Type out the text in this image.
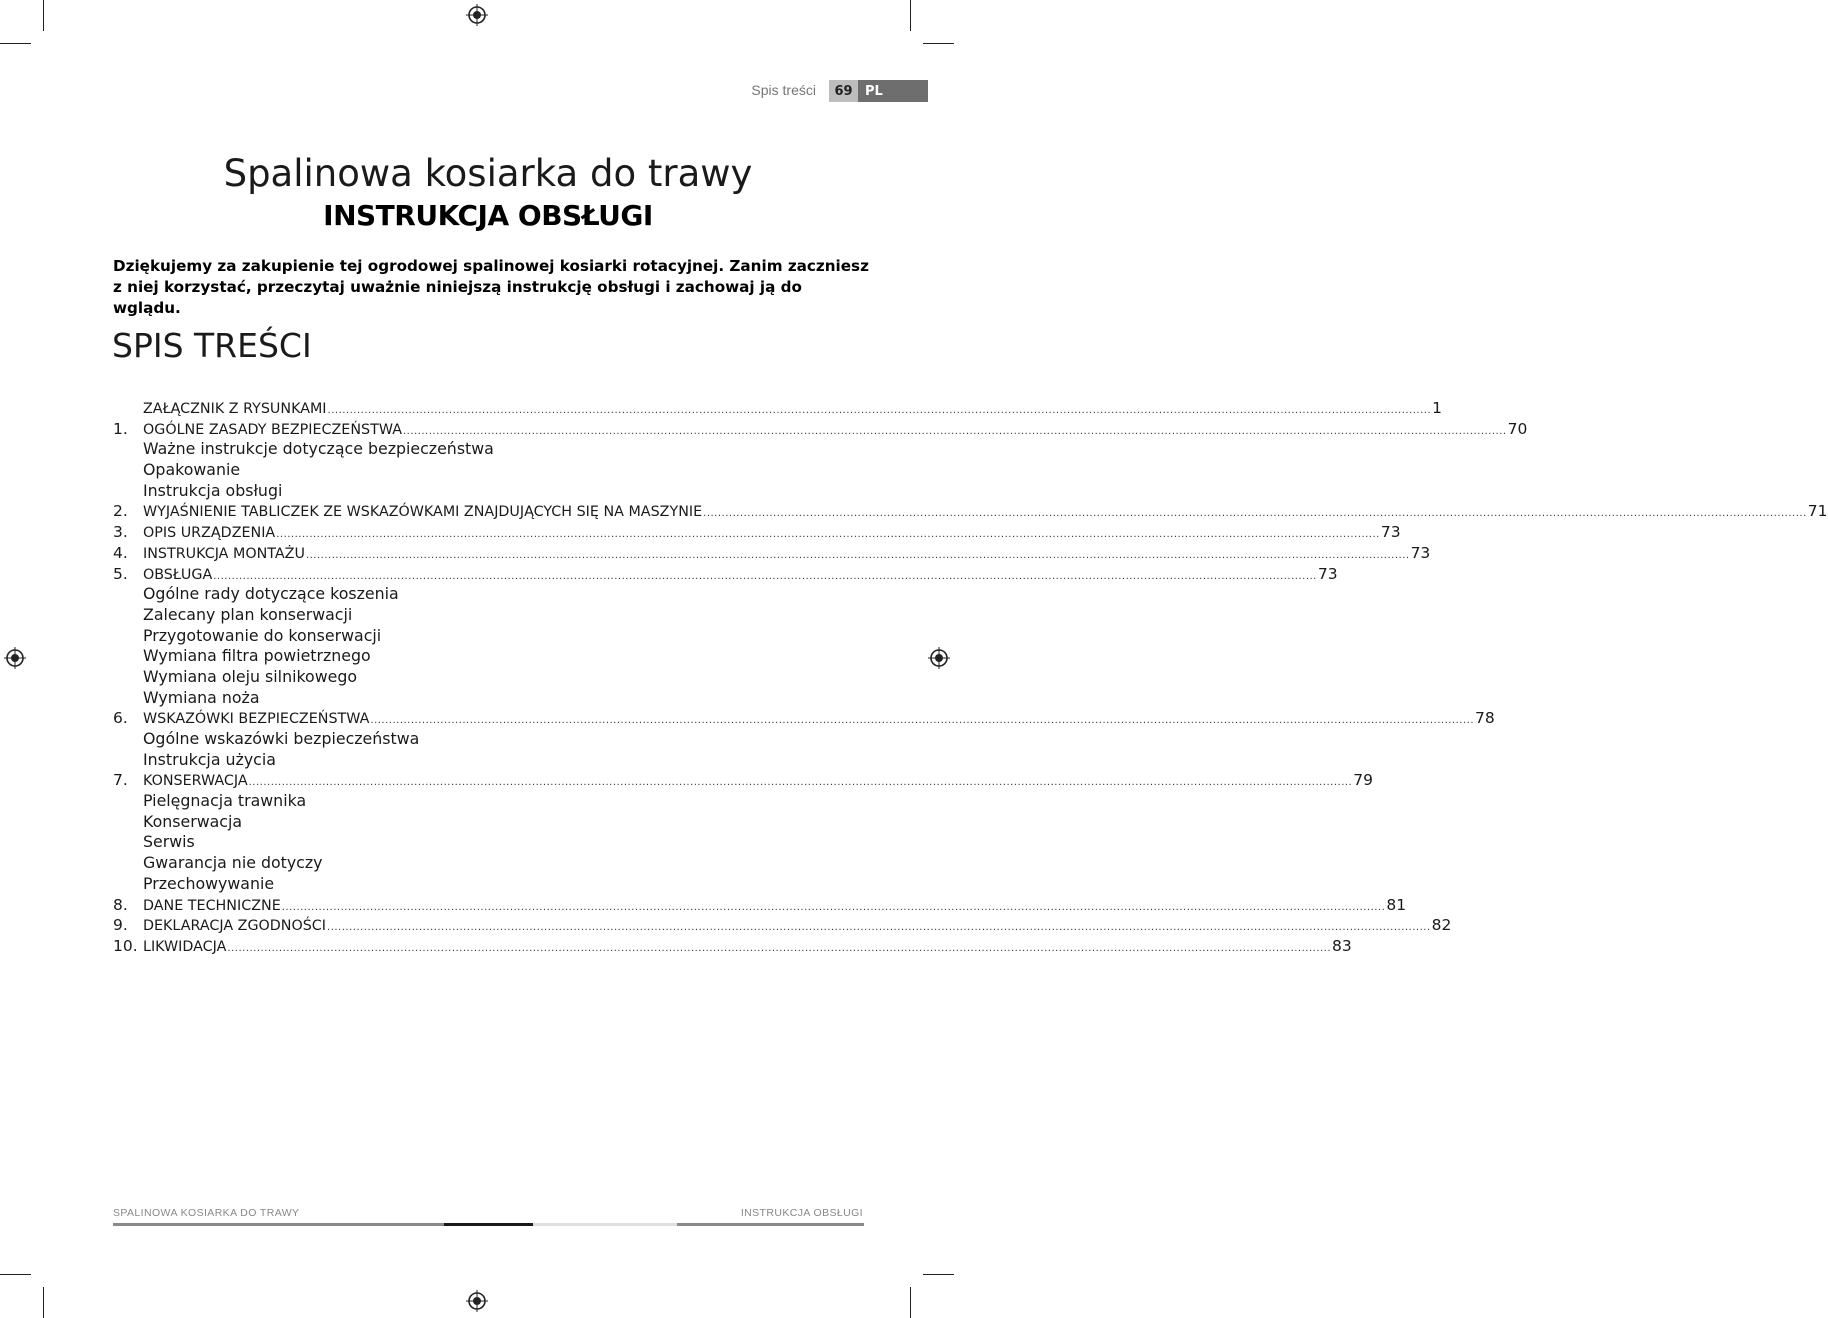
Spis treści	69 PL
Spalinowa kosiarka do trawy
INSTRUKCJA OBSŁUGI
Dziękujemy za zakupienie tej ogrodowej spalinowej kosiarki rotacyjnej. Zanim zaczniesz z niej korzystać, przeczytaj uważnie niniejszą instrukcję obsługi i zachowaj ją do wglądu.
SPIS TREŚCI
ZAŁĄCZNIK Z RYSUNKAMI ............................................................................................................................................................................................................................................................................................................ 1
1.	OGÓLNE ZASADY BEZPIECZEŃSTWA ............................................................................................................................................................................................................................................................................................................ 70
Ważne instrukcje dotyczące bezpieczeństwa
Opakowanie
Instrukcja obsługi
2.	WYJAŚNIENIE TABLICZEK ZE WSKAZÓWKAMI ZNAJDUJĄCYCH SIĘ NA MASZYNIE ............................................................................................................................................................................................................................................................................................................ 71
3.	OPIS URZĄDZENIA ............................................................................................................................................................................................................................................................................................................ 73
4.	INSTRUKCJA MONTAŻU ............................................................................................................................................................................................................................................................................................................ 73
5.	OBSŁUGA ............................................................................................................................................................................................................................................................................................................ 73
Ogólne rady dotyczące koszenia
Zalecany plan konserwacji
Przygotowanie do konserwacji
Wymiana filtra powietrznego
Wymiana oleju silnikowego
Wymiana noża
6.	WSKAZÓWKI BEZPIECZEŃSTWA ............................................................................................................................................................................................................................................................................................................ 78
Ogólne wskazówki bezpieczeństwa
Instrukcja użycia
7.	KONSERWACJA ............................................................................................................................................................................................................................................................................................................ 79
Pielęgnacja trawnika
Konserwacja
Serwis
Gwarancja nie dotyczy
Przechowywanie
8.	DANE TECHNICZNE ............................................................................................................................................................................................................................................................................................................ 81
9.	DEKLARACJA ZGODNOŚCI ............................................................................................................................................................................................................................................................................................................ 82
10. LIKWIDACJA ............................................................................................................................................................................................................................................................................................................ 83
SPALINOWA KOSIARKA DO TRAWY	INSTRUKCJA OBSŁUGI
